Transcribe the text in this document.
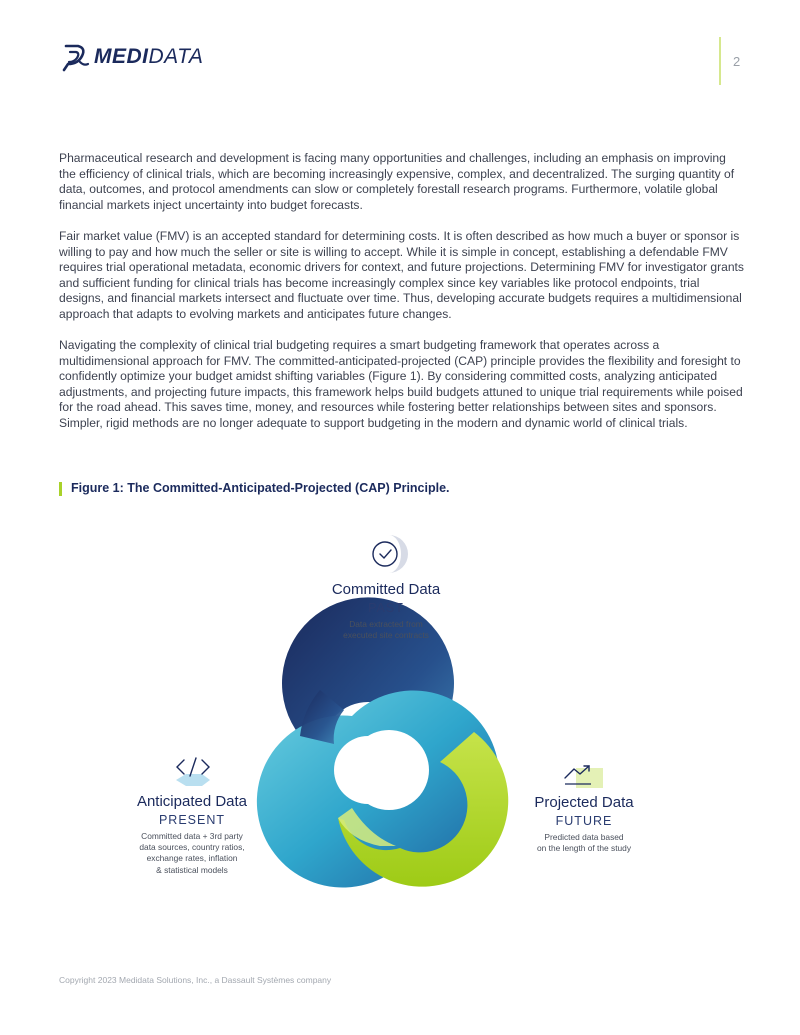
MEDIDATA	2

Pharmaceutical research and development is facing many opportunities and challenges, including an emphasis on improving the efficiency of clinical trials, which are becoming increasingly expensive, complex, and decentralized. The surging quantity of data, outcomes, and protocol amendments can slow or completely forestall research programs. Furthermore, volatile global financial markets inject uncertainty into budget forecasts.

Fair market value (FMV) is an accepted standard for determining costs. It is often described as how much a buyer or sponsor is willing to pay and how much the seller or site is willing to accept. While it is simple in concept, establishing a defendable FMV requires trial operational metadata, economic drivers for context, and future projections. Determining FMV for investigator grants and sufficient funding for clinical trials has become increasingly complex since key variables like protocol endpoints, trial designs, and financial markets intersect and fluctuate over time. Thus, developing accurate budgets requires a multidimensional approach that adapts to evolving markets and anticipates future changes.

Navigating the complexity of clinical trial budgeting requires a smart budgeting framework that operates across a multidimensional approach for FMV. The committed-anticipated-projected (CAP) principle provides the flexibility and foresight to confidently optimize your budget amidst shifting variables (Figure 1). By considering committed costs, analyzing anticipated adjustments, and projecting future impacts, this framework helps build budgets attuned to unique trial requirements while poised for the road ahead. This saves time, money, and resources while fostering better relationships between sites and sponsors. Simpler, rigid methods are no longer adequate to support budgeting in the modern and dynamic world of clinical trials.

Figure 1: The Committed-Anticipated-Projected (CAP) Principle.
Committed Data
PAST
Data extracted from
executed site contracts
Anticipated Data
PRESENT
Committed data + 3rd party
data sources, country ratios,
exchange rates, inflation
& statistical models
Projected Data
FUTURE
Predicted data based
on the length of the study
Copyright 2023 Medidata Solutions, Inc., a Dassault Systèmes company
